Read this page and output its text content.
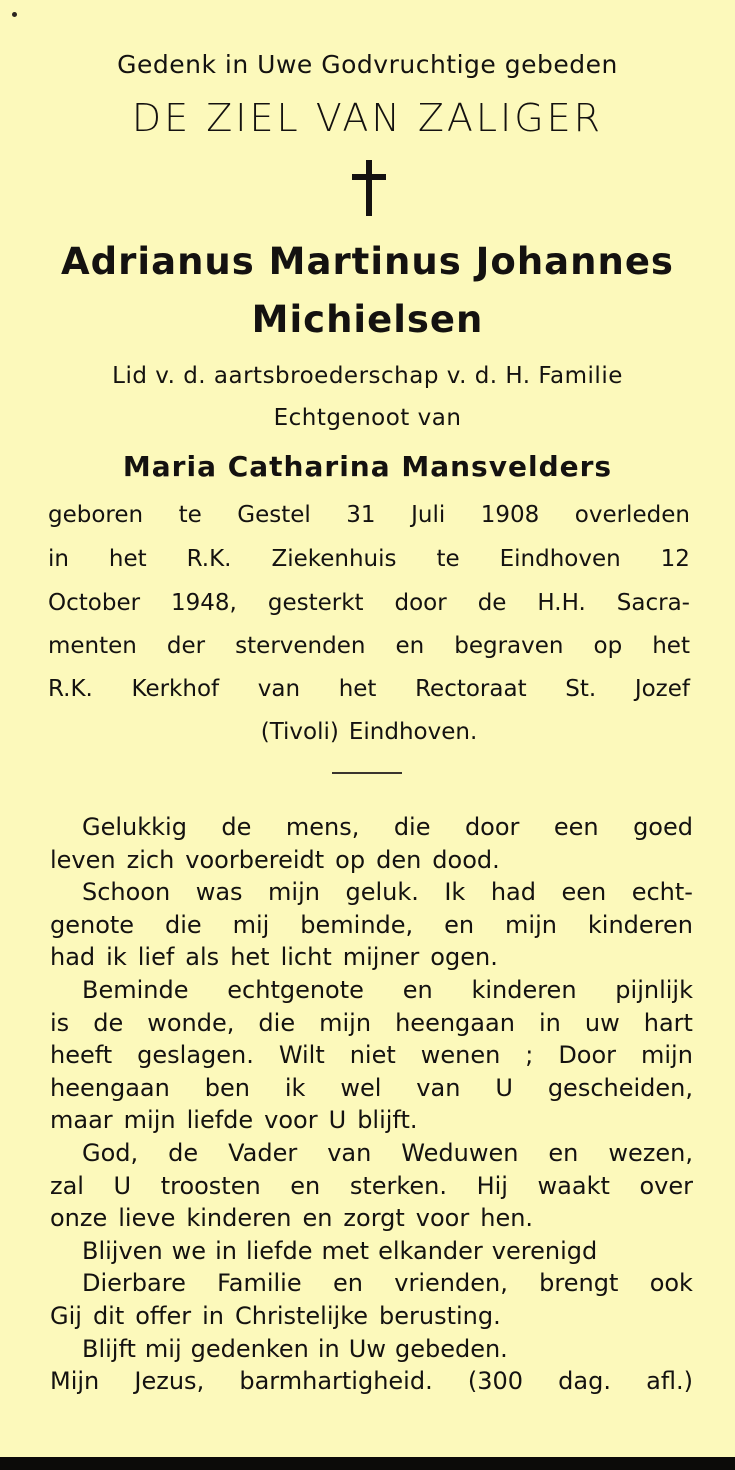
Gedenk in Uwe Godvruchtige gebeden
DE ZIEL VAN ZALIGER
Adrianus Martinus Johannes
Michielsen
Lid v. d. aartsbroederschap v. d. H. Familie
Echtgenoot van
Maria Catharina Mansvelders
geboren te Gestel 31 Juli 1908 overleden
in het R.K. Ziekenhuis te Eindhoven 12
October 1948, gesterkt door de H.H. Sacra-
menten der stervenden en begraven op het
R.K. Kerkhof van het Rectoraat St. Jozef
(Tivoli) Eindhoven.
Gelukkig de mens, die door een goed
leven zich voorbereidt op den dood.
Schoon was mijn geluk. Ik had een echt-
genote die mij beminde, en mijn kinderen
had ik lief als het licht mijner ogen.
Beminde echtgenote en kinderen pijnlijk
is de wonde, die mijn heengaan in uw hart
heeft geslagen. Wilt niet wenen ; Door mijn
heengaan ben ik wel van U gescheiden,
maar mijn liefde voor U blijft.
God, de Vader van Weduwen en wezen,
zal U troosten en sterken. Hij waakt over
onze lieve kinderen en zorgt voor hen.
Blijven we in liefde met elkander verenigd
Dierbare Familie en vrienden, brengt ook
Gij dit offer in Christelijke berusting.
Blijft mij gedenken in Uw gebeden.
Mijn Jezus, barmhartigheid. (300 dag. afl.)
